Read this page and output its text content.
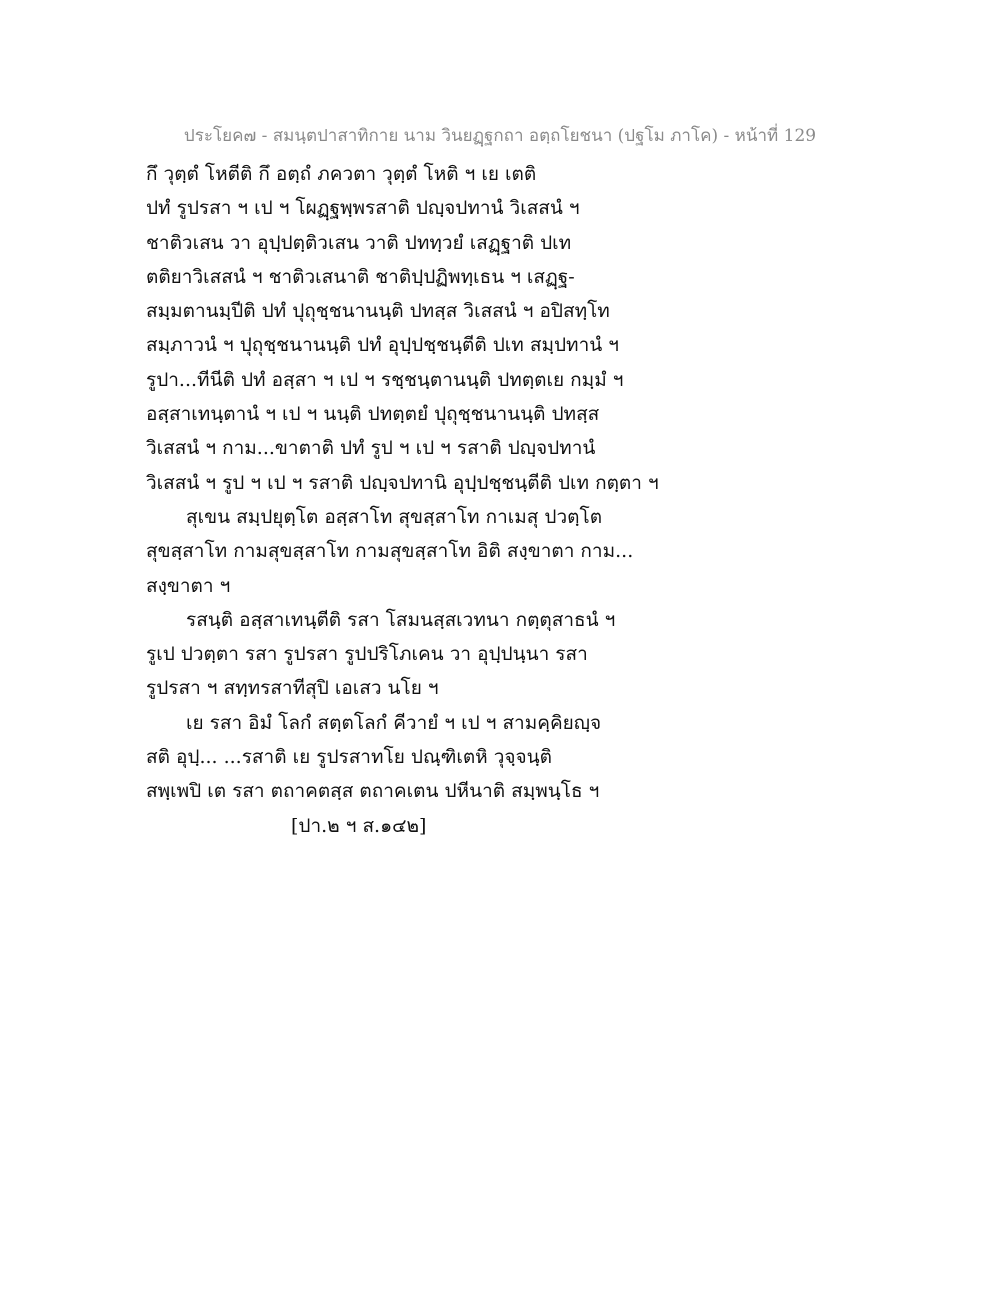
ประโยค๗ - สมนฺตปาสาทิกาย นาม วินยฏฺฐกถา อตฺถโยชนา (ปฐโม ภาโค) - หน้าที่ 129
กึ วุตฺตํ โหตีติ กึ อตฺถํ ภควตา วุตฺตํ โหติ ฯ เย เตติ
ปทํ รูปรสา ฯ เป ฯ โผฏฺฐพฺพรสาติ ปญฺจปทานํ วิเสสนํ ฯ
ชาติวเสน วา อุปฺปตฺติวเสน วาติ ปททฺวยํ เสฏฺฐาติ ปเท
ตติยาวิเสสนํ ฯ ชาติวเสนาติ ชาติปฺปฏิพทฺเธน ฯ เสฏฺฐ-
สมฺมตานมฺปีติ ปทํ ปุถุชฺชนานนฺติ ปทสฺส วิเสสนํ ฯ อปิสทฺโท
สมฺภาวนํ ฯ ปุถุชฺชนานนฺติ ปทํ อุปฺปชฺชนฺตีติ ปเท สมฺปทานํ ฯ
รูปา...ทีนีติ ปทํ อสฺสา ฯ เป ฯ รชฺชนฺตานนฺติ ปทตฺตเย กมฺมํ ฯ
อสฺสาเทนฺตานํ ฯ เป ฯ นนฺติ ปทตฺตยํ ปุถุชฺชนานนฺติ ปทสฺส
วิเสสนํ ฯ กาม...ขาตาติ ปทํ รูป ฯ เป ฯ รสาติ ปญฺจปทานํ
วิเสสนํ ฯ รูป ฯ เป ฯ รสาติ ปญฺจปทานิ อุปฺปชฺชนฺตีติ ปเท กตฺตา ฯ
สุเขน สมฺปยุตฺโต อสฺสาโท สุขสฺสาโท กาเมสุ ปวตฺโต
สุขสฺสาโท กามสุขสฺสาโท กามสุขสฺสาโท อิติ สงฺขาตา กาม...
สงฺขาตา ฯ
รสนฺติ อสฺสาเทนฺตีติ รสา โสมนสฺสเวทนา กตฺตุสาธนํ ฯ
รูเป ปวตฺตา รสา รูปรสา รูปปริโภเคน วา อุปฺปนฺนา รสา
รูปรสา ฯ สทฺทรสาทีสุปิ เอเสว นโย ฯ
เย รสา อิมํ โลกํ สตฺตโลกํ คีวายํ ฯ เป ฯ สามคฺคิยญฺจ
สติ อุปฺ... ...รสาติ เย รูปรสาทโย ปณฺฑิเตหิ วุจฺจนฺติ
สพฺเพปิ เต รสา ตถาคตสฺส ตถาคเตน ปหีนาติ สมฺพนฺโธ ฯ
[ปา.๒ ฯ ส.๑๔๒]
